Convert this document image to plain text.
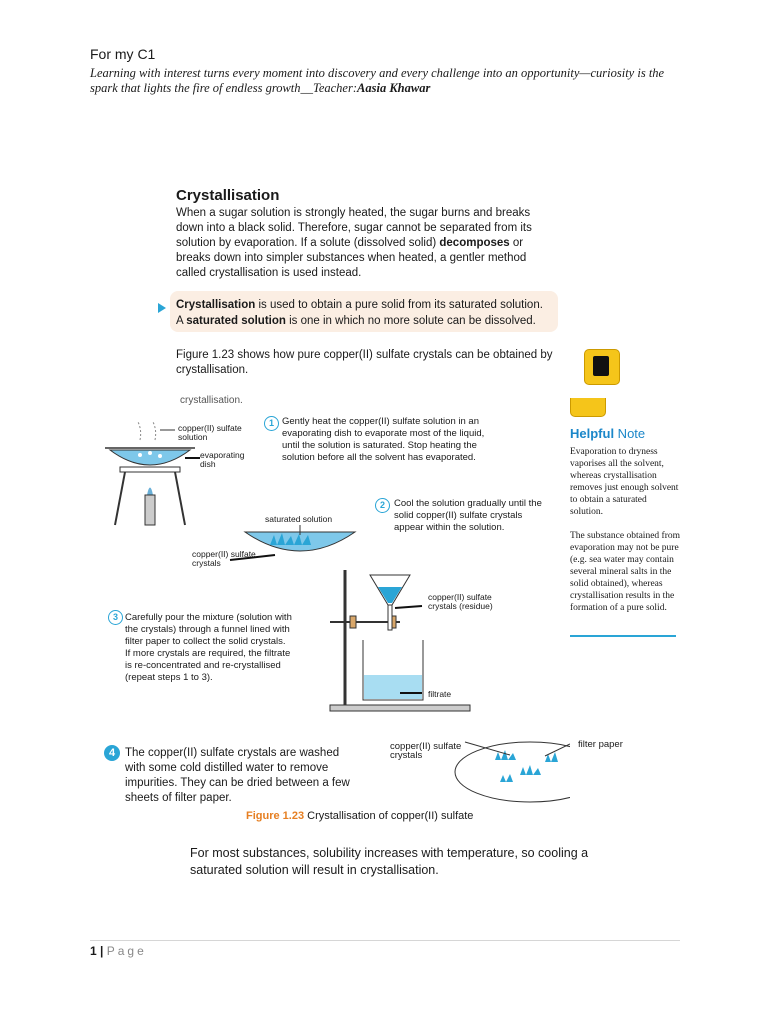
For my C1
Learning with interest turns every moment into discovery and every challenge into an opportunity—curiosity is the spark that lights the fire of endless growth__Teacher:Aasia Khawar
Crystallisation
When a sugar solution is strongly heated, the sugar burns and breaks down into a black solid. Therefore, sugar cannot be separated from its solution by evaporation. If a solute (dissolved solid) decomposes or breaks down into simpler substances when heated, a gentler method called crystallisation is used instead.
Crystallisation is used to obtain a pure solid from its saturated solution.
A saturated solution is one in which no more solute can be dissolved.
Figure 1.23 shows how pure copper(II) sulfate crystals can be obtained by crystallisation.
crystallisation.
Helpful Note
Evaporation to dryness vaporises all the solvent, whereas crystallisation removes just enough solvent to obtain a saturated solution.
The substance obtained from evaporation may not be pure (e.g. sea water may contain several mineral salts in the solid obtained), whereas crystallisation results in the formation of a pure solid.
1 Gently heat the copper(II) sulfate solution in an evaporating dish to evaporate most of the liquid, until the solution is saturated. Stop heating the solution before all the solvent has evaporated.
copper(II) sulfate solution
evaporating dish
2 Cool the solution gradually until the solid copper(II) sulfate crystals appear within the solution.
saturated solution
copper(II) sulfate crystals
3 Carefully pour the mixture (solution with the crystals) through a funnel lined with filter paper to collect the solid crystals. If more crystals are required, the filtrate is re-concentrated and re-crystallised (repeat steps 1 to 3).
copper(II) sulfate crystals (residue)
filtrate
4 The copper(II) sulfate crystals are washed with some cold distilled water to remove impurities. They can be dried between a few sheets of filter paper.
copper(II) sulfate crystals
filter paper
Figure 1.23 Crystallisation of copper(II) sulfate
For most substances, solubility increases with temperature, so cooling a saturated solution will result in crystallisation.
1 | Page
